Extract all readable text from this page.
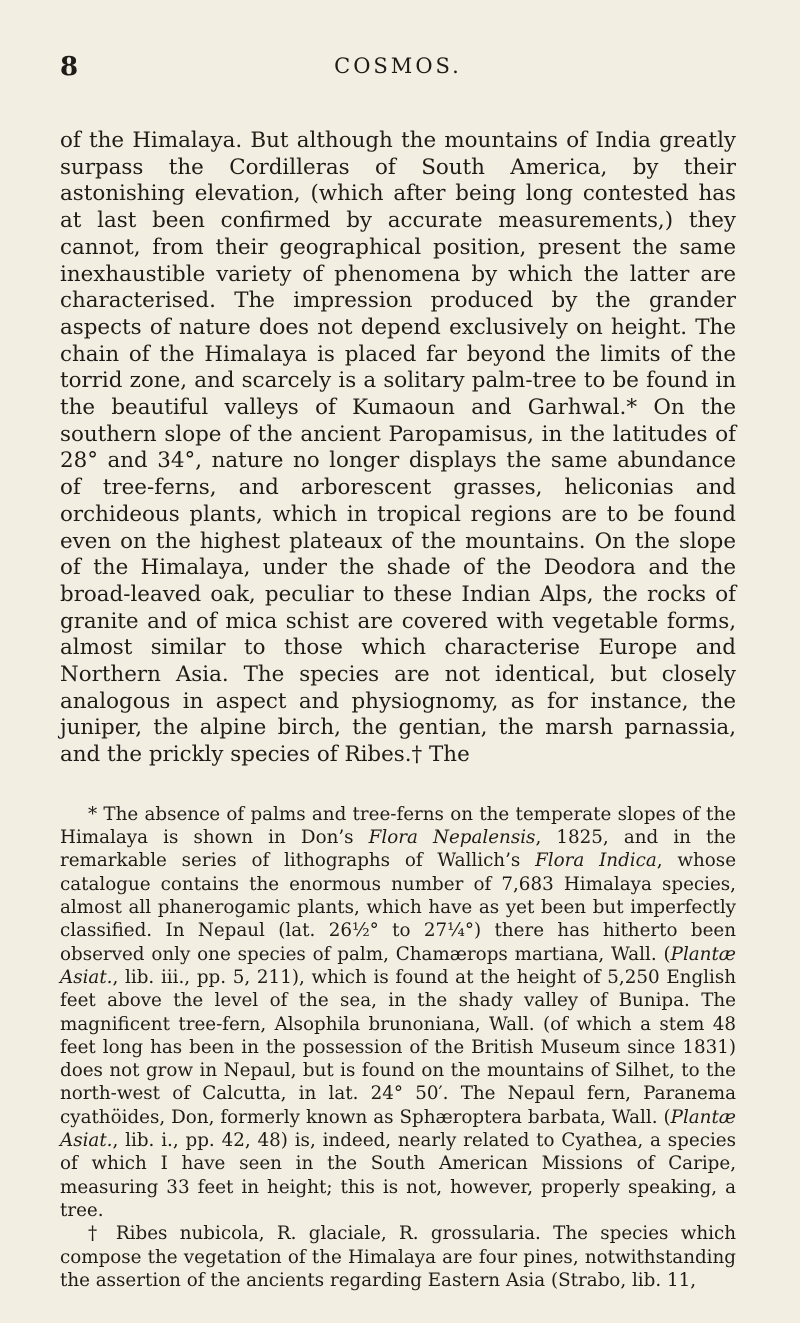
8	COSMOS.

of the Himalaya. But although the mountains of India greatly surpass the Cordilleras of South America, by their astonishing elevation, (which after being long contested has at last been confirmed by accurate measurements,) they cannot, from their geographical position, present the same inexhaustible variety of phenomena by which the latter are characterised. The impression produced by the grander aspects of nature does not depend exclusively on height. The chain of the Himalaya is placed far beyond the limits of the torrid zone, and scarcely is a solitary palm-tree to be found in the beautiful valleys of Kumaoun and Garhwal.* On the southern slope of the ancient Paropamisus, in the latitudes of 28° and 34°, nature no longer displays the same abundance of tree-ferns, and arborescent grasses, heliconias and orchideous plants, which in tropical regions are to be found even on the highest plateaux of the mountains. On the slope of the Himalaya, under the shade of the Deodora and the broad-leaved oak, peculiar to these Indian Alps, the rocks of granite and of mica schist are covered with vegetable forms, almost similar to those which characterise Europe and Northern Asia. The species are not identical, but closely analogous in aspect and physiognomy, as for instance, the juniper, the alpine birch, the gentian, the marsh parnassia, and the prickly species of Ribes.† The

* The absence of palms and tree-ferns on the temperate slopes of the Himalaya is shown in Don’s Flora Nepalensis, 1825, and in the remarkable series of lithographs of Wallich’s Flora Indica, whose catalogue contains the enormous number of 7,683 Himalaya species, almost all phanerogamic plants, which have as yet been but imperfectly classified. In Nepaul (lat. 26½° to 27¼°) there has hitherto been observed only one species of palm, Chamærops martiana, Wall. (Plantæ Asiat., lib. iii., pp. 5, 211), which is found at the height of 5,250 English feet above the level of the sea, in the shady valley of Bunipa. The magnificent tree-fern, Alsophila brunoniana, Wall. (of which a stem 48 feet long has been in the possession of the British Museum since 1831) does not grow in Nepaul, but is found on the mountains of Silhet, to the north-west of Calcutta, in lat. 24° 50′. The Nepaul fern, Paranema cyathöides, Don, formerly known as Sphæroptera barbata, Wall. (Plantæ Asiat., lib. i., pp. 42, 48) is, indeed, nearly related to Cyathea, a species of which I have seen in the South American Missions of Caripe, measuring 33 feet in height; this is not, however, properly speaking, a tree.

† Ribes nubicola, R. glaciale, R. grossularia. The species which compose the vegetation of the Himalaya are four pines, notwithstanding the assertion of the ancients regarding Eastern Asia (Strabo, lib. 11,
